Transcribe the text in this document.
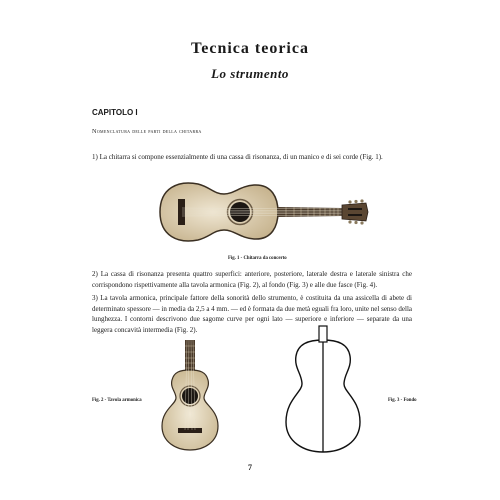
Tecnica teorica
Lo strumento
CAPITOLO I
Nomenclatura delle parti della chitarra
1) La chitarra si compone essenzialmente di una cassa di risonanza, di un manico e di sei corde (Fig. 1).
Fig. 1 - Chitarra da concerto
2) La cassa di risonanza presenta quattro superfici: anteriore, posteriore, laterale destra e laterale sinistra che corrispondono rispettivamente alla tavola armonica (Fig. 2), al fondo (Fig. 3) e alle due fasce (Fig. 4).
3) La tavola armonica, principale fattore della sonorità dello strumento, è costituita da una assicella di abete di determinato spessore — in media da 2,5 a 4 mm. — ed è formata da due metà eguali fra loro, unite nel senso della lunghezza. I contorni descrivono due sagome curve per ogni lato — superiore e inferiore — separate da una leggera concavità intermedia (Fig. 2).
Fig. 2 - Tavola armonica	Fig. 3 - Fondo
7
